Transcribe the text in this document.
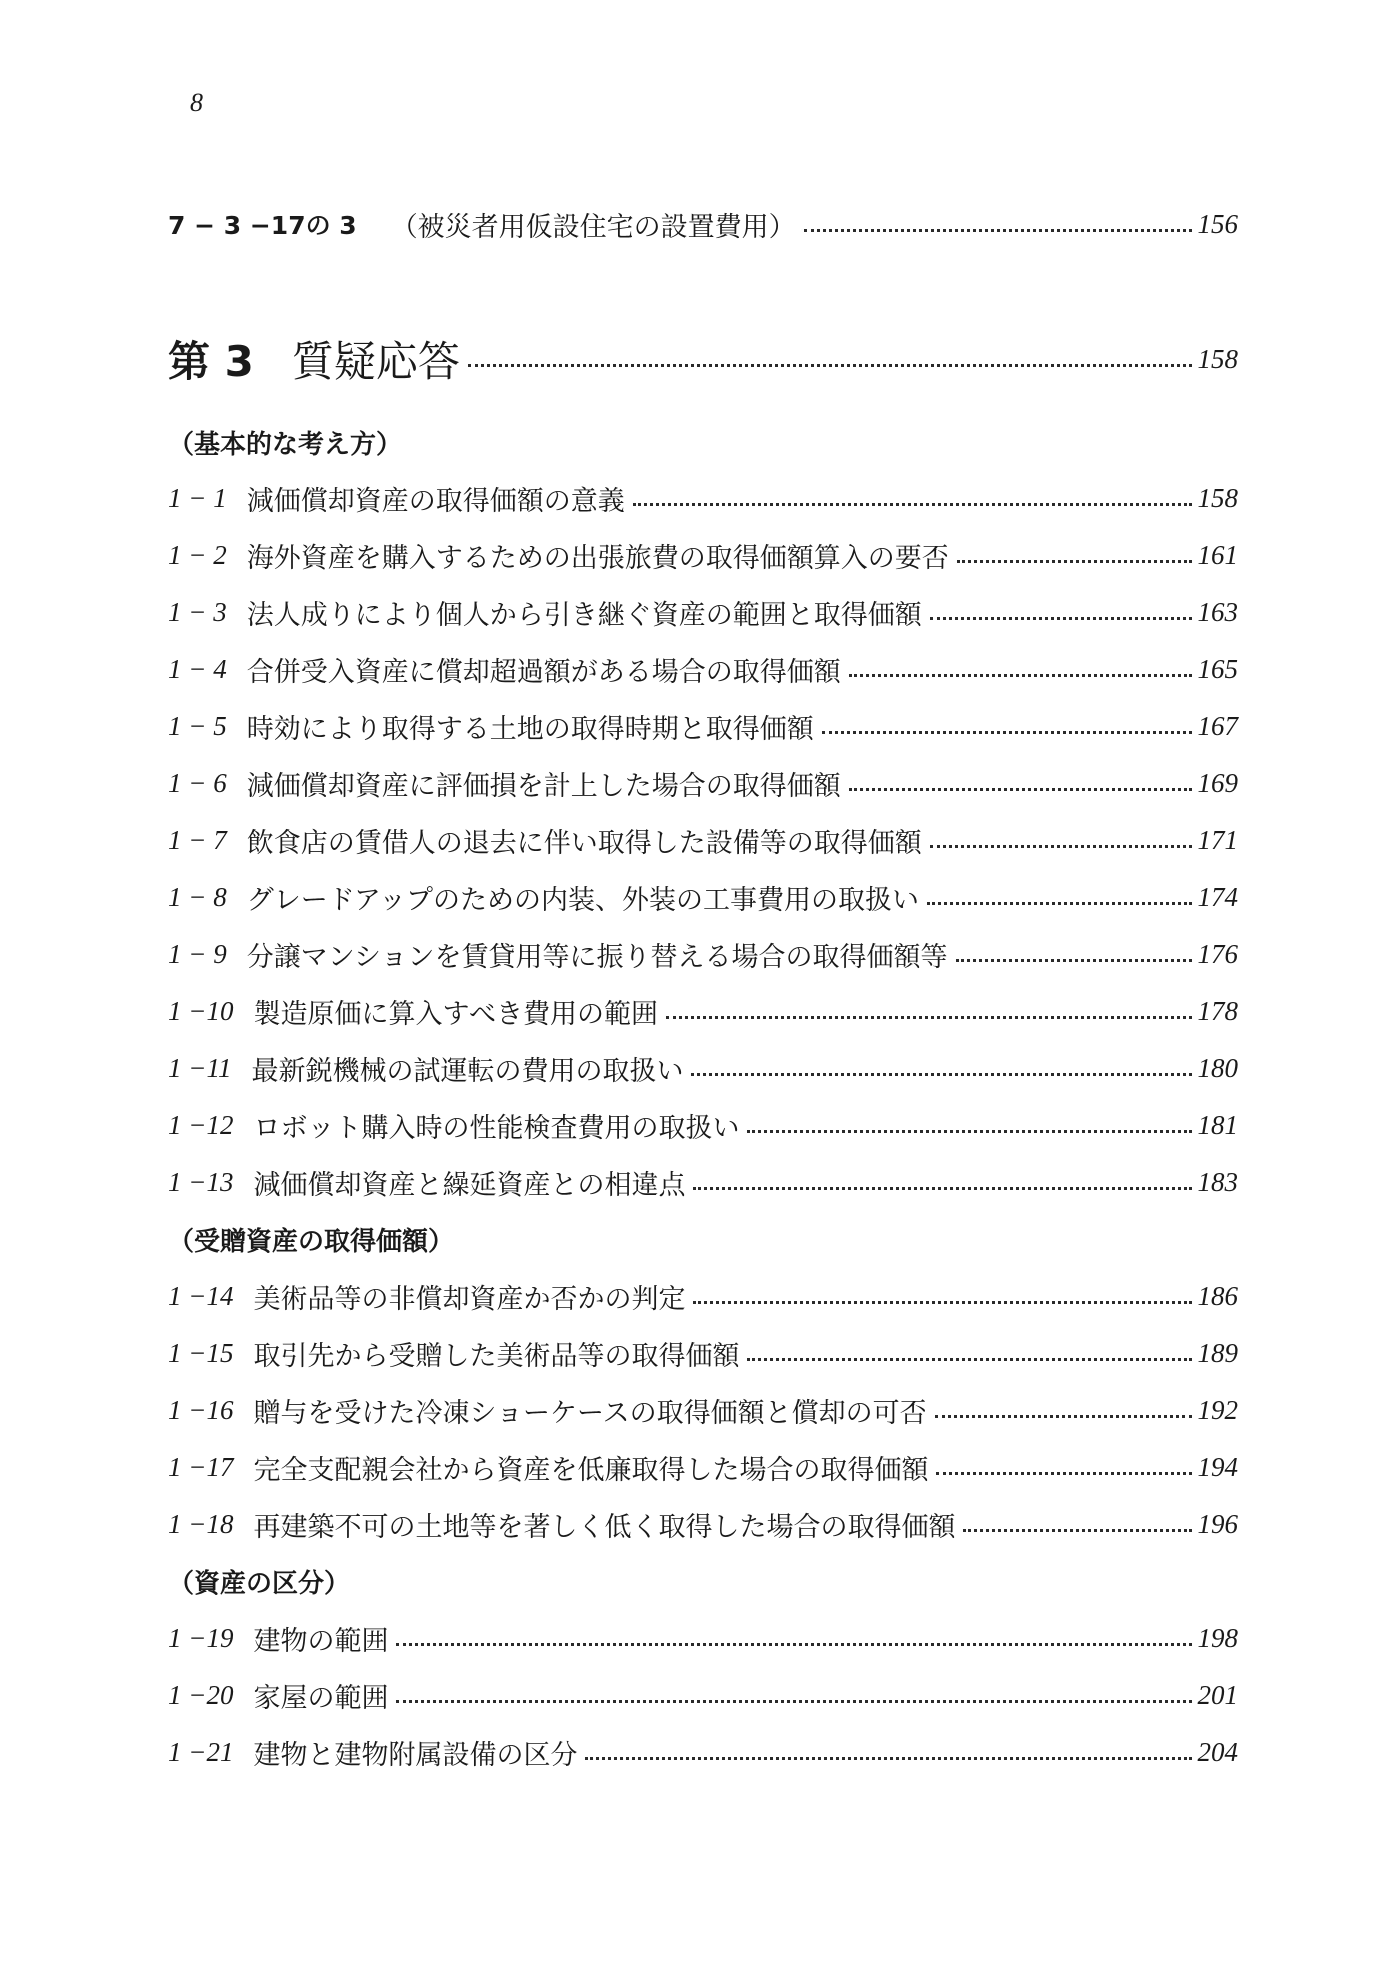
8
7 − 3 −17の 3	（被災者用仮設住宅の設置費用）	156
第 3 質疑応答	158
（基本的な考え方）
1 − 1 減価償却資産の取得価額の意義	158
1 − 2 海外資産を購入するための出張旅費の取得価額算入の要否	161
1 − 3 法人成りにより個人から引き継ぐ資産の範囲と取得価額	163
1 − 4 合併受入資産に償却超過額がある場合の取得価額	165
1 − 5 時効により取得する土地の取得時期と取得価額	167
1 − 6 減価償却資産に評価損を計上した場合の取得価額	169
1 − 7 飲食店の賃借人の退去に伴い取得した設備等の取得価額	171
1 − 8 グレードアップのための内装、外装の工事費用の取扱い	174
1 − 9 分譲マンションを賃貸用等に振り替える場合の取得価額等	176
1 −10 製造原価に算入すべき費用の範囲	178
1 −11 最新鋭機械の試運転の費用の取扱い	180
1 −12 ロボット購入時の性能検査費用の取扱い	181
1 −13 減価償却資産と繰延資産との相違点	183
（受贈資産の取得価額）
1 −14 美術品等の非償却資産か否かの判定	186
1 −15 取引先から受贈した美術品等の取得価額	189
1 −16 贈与を受けた冷凍ショーケースの取得価額と償却の可否	192
1 −17 完全支配親会社から資産を低廉取得した場合の取得価額	194
1 −18 再建築不可の土地等を著しく低く取得した場合の取得価額	196
（資産の区分）
1 −19 建物の範囲	198
1 −20 家屋の範囲	201
1 −21 建物と建物附属設備の区分	204
